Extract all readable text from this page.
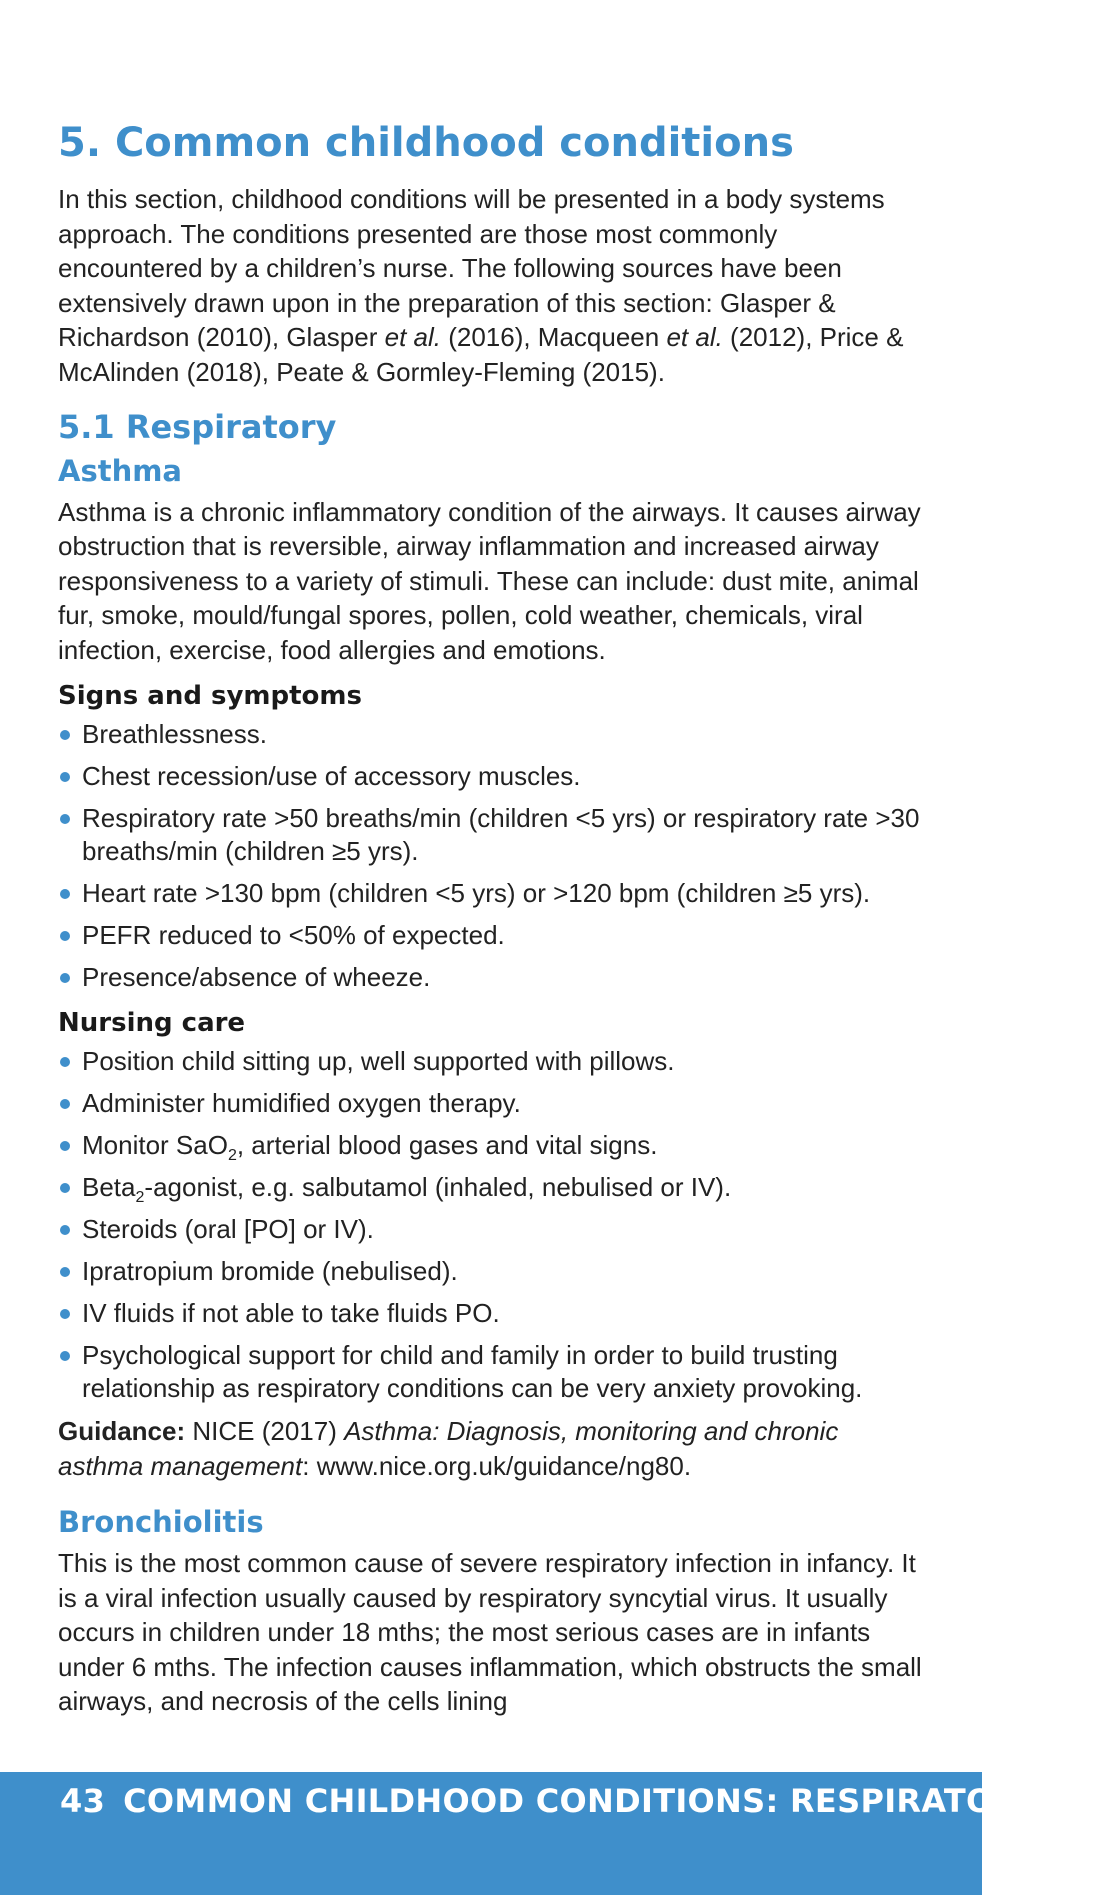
5. Common childhood conditions

In this section, childhood conditions will be presented in a body systems approach. The conditions presented are those most commonly encountered by a children’s nurse. The following sources have been extensively drawn upon in the preparation of this section: Glasper & Richardson (2010), Glasper et al. (2016), Macqueen et al. (2012), Price & McAlinden (2018), Peate & Gormley-Fleming (2015).

5.1 Respiratory
Asthma

Asthma is a chronic inflammatory condition of the airways. It causes airway obstruction that is reversible, airway inflammation and increased airway responsiveness to a variety of stimuli. These can include: dust mite, animal fur, smoke, mould/fungal spores, pollen, cold weather, chemicals, viral infection, exercise, food allergies and emotions.

Signs and symptoms
Breathlessness.
Chest recession/use of accessory muscles.
Respiratory rate >50 breaths/min (children <5 yrs) or respiratory rate >30 breaths/min (children ≥5 yrs).
Heart rate >130 bpm (children <5 yrs) or >120 bpm (children ≥5 yrs).
PEFR reduced to <50% of expected.
Presence/absence of wheeze.
Nursing care
Position child sitting up, well supported with pillows.
Administer humidified oxygen therapy.
Monitor SaO$_2$, arterial blood gases and vital signs.
Beta$_2$-agonist, e.g. salbutamol (inhaled, nebulised or IV).
Steroids (oral [PO] or IV).
Ipratropium bromide (nebulised).
IV fluids if not able to take fluids PO.
Psychological support for child and family in order to build trusting relationship as respiratory conditions can be very anxiety provoking.

Guidance: NICE (2017) Asthma: Diagnosis, monitoring and chronic asthma management: www.nice.org.uk/guidance/ng80.

Bronchiolitis

This is the most common cause of severe respiratory infection in infancy. It is a viral infection usually caused by respiratory syncytial virus. It usually occurs in children under 18 mths; the most serious cases are in infants under 6 mths. The infection causes inflammation, which obstructs the small airways, and necrosis of the cells lining

43 COMMON CHILDHOOD CONDITIONS: RESPIRATORY 5.1
